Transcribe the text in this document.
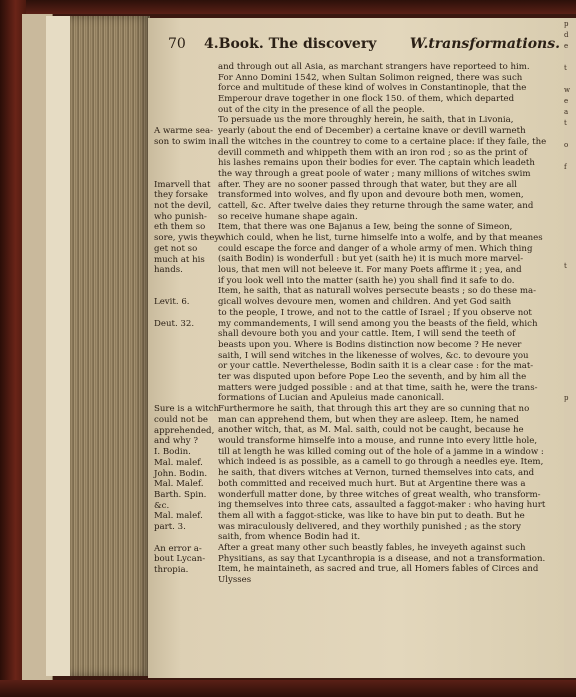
70 4.Book. The discovery W.transformations.
and through out all Asia, as marchant strangers have reporteed to him.
For Anno Domini 1542, when Sultan Solimon reigned, there was such
force and multitude of these kind of wolves in Constantinople, that the
Emperour drave together in one flock 150. of them, which departed
out of the city in the presence of all the people.
To persuade us the more throughly herein, he saith, that in Livonia,
yearly (about the end of December) a certaine knave or devill warneth
all the witches in the countrey to come to a certaine place: if they faile, the
devill commeth and whippeth them with an iron rod ; so as the print of
his lashes remains upon their bodies for ever. The captain which leadeth
the way through a great poole of water ; many millions of witches swim
after. They are no sooner passed through that water, but they are all
transformed into wolves, and fly upon and devoure both men, women,
cattell, &c. After twelve daies they returne through the same water, and
so receive humane shape again.
Item, that there was one Bajanus a Iew, being the sonne of Simeon,
which could, when he list, turne himselfe into a wolfe, and by that meanes
could escape the force and danger of a whole army of men. Which thing
(saith Bodin) is wonderfull : but yet (saith he) it is much more marvel-
lous, that men will not beleeve it. For many Poets affirme it ; yea, and
if you look well into the matter (saith he) you shall find it safe to do.
Item, he saith, that as naturall wolves persecute beasts ; so do these ma-
gicall wolves devoure men, women and children. And yet God saith
to the people, I trowe, and not to the cattle of Israel ; If you observe not
my commandements, I will send among you the beasts of the field, which
shall devoure both you and your cattle. Item, I will send the teeth of
beasts upon you. Where is Bodins distinction now become ? He never
saith, I will send witches in the likenesse of wolves, &c. to devoure you
or your cattle. Neverthelesse, Bodin saith it is a clear case : for the mat-
ter was disputed upon before Pope Leo the seventh, and by him all the
matters were judged possible : and at that time, saith he, were the trans-
formations of Lucian and Apuleius made canonicall.
Furthermore he saith, that through this art they are so cunning that no
man can apprehend them, but when they are asleep. Item, he named
another witch, that, as M. Mal. saith, could not be caught, because he
would transforme himselfe into a mouse, and runne into every little hole,
till at length he was killed coming out of the hole of a jamme in a window :
which indeed is as possible, as a camell to go through a needles eye. Item,
he saith, that divers witches at Vernon, turned themselves into cats, and
both committed and received much hurt. But at Argentine there was a
wonderfull matter done, by three witches of great wealth, who transform-
ing themselves into three cats, assaulted a faggot-maker : who having hurt
them all with a faggot-sticke, was like to have bin put to death. But he
was miraculously delivered, and they worthily punished ; as the story
saith, from whence Bodin had it.
After a great many other such beastly fables, he inveyeth against such
Physitians, as say that Lycanthropia is a disease, and not a transformation.
Item, he maintaineth, as sacred and true, all Homers fables of Circes and
Ulysses
A warme sea-
son to swim in.
Imarvell that
they forsake
not the devil,
who punish-
eth them so
sore, ywis they
get not so
much at his
hands.
Levit. 6.
Deut. 32.
Sure is a witch
could not be
apprehended,
and why ?
I. Bodin.
Mal. malef.
John. Bodin.
Mal. Malef.
Barth. Spin.
&c.
Mal. malef.
part. 3.
An error a-
bout Lycan-
thropia.
p
d
e
t
w
e
a
t
o
f
t
p
